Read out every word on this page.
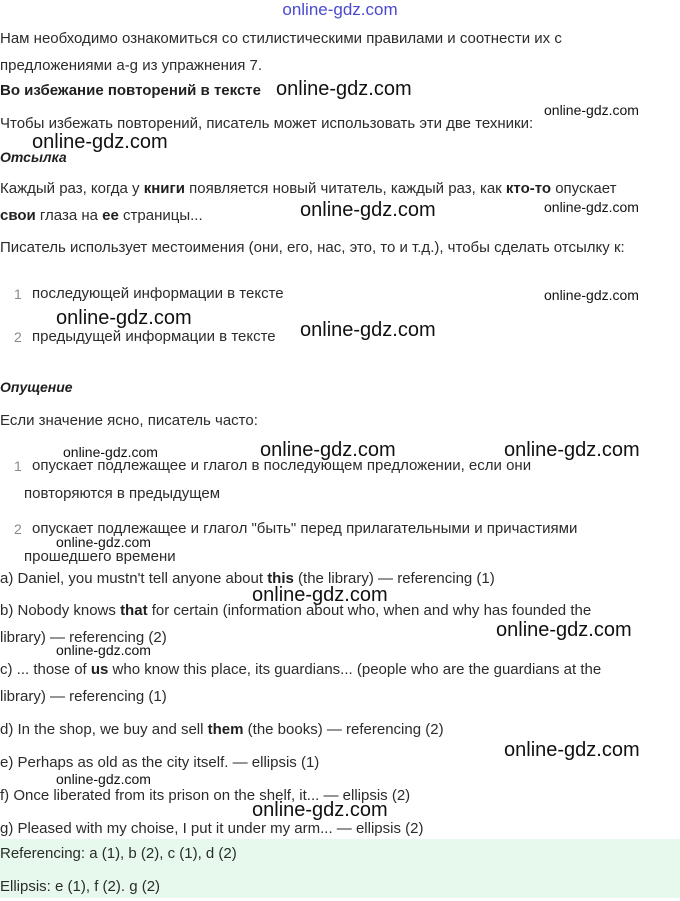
online-gdz.com
Нам необходимо ознакомиться со стилистическими правилами и соотнести их с
предложениями a-g из упражнения 7.
Во избежание повторений в тексте online-gdz.com
online-gdz.com
Чтобы избежать повторений, писатель может использовать эти две техники:
online-gdz.com
Отсылка
Каждый раз, когда у книги появляется новый читатель, каждый раз, как кто-то опускает
свои глаза на ее страницы...	online-gdz.com	online-gdz.com
Писатель использует местоимения (они, его, нас, это, то и т.д.), чтобы сделать отсылку к:
1 последующей информации в тексте	online-gdz.com
online-gdz.com
2 предыдущей информации в тексте online-gdz.com
Опущение
Если значение ясно, писатель часто:
online-gdz.com	online-gdz.com	online-gdz.com
1 опускает подлежащее и глагол в последующем предложении, если они
повторяются в предыдущем
2 опускает подлежащее и глагол "быть" перед прилагательными и причастиями
online-gdz.com
прошедшего времени
a) Daniel, you mustn't tell anyone about this (the library) — referencing (1)
online-gdz.com
b) Nobody knows that for certain (information about who, when and why has founded the
library) — referencing (2)	online-gdz.com
online-gdz.com
c) ... those of us who know this place, its guardians... (people who are the guardians at the
library) — referencing (1)
d) In the shop, we buy and sell them (the books) — referencing (2)
online-gdz.com
e) Perhaps as old as the city itself. — ellipsis (1)
online-gdz.com
f) Once liberated from its prison on the shelf, it... — ellipsis (2)
online-gdz.com
g) Pleased with my choise, I put it under my arm... — ellipsis (2)
Referencing: a (1), b (2), c (1), d (2)
Ellipsis: e (1), f (2). g (2)
